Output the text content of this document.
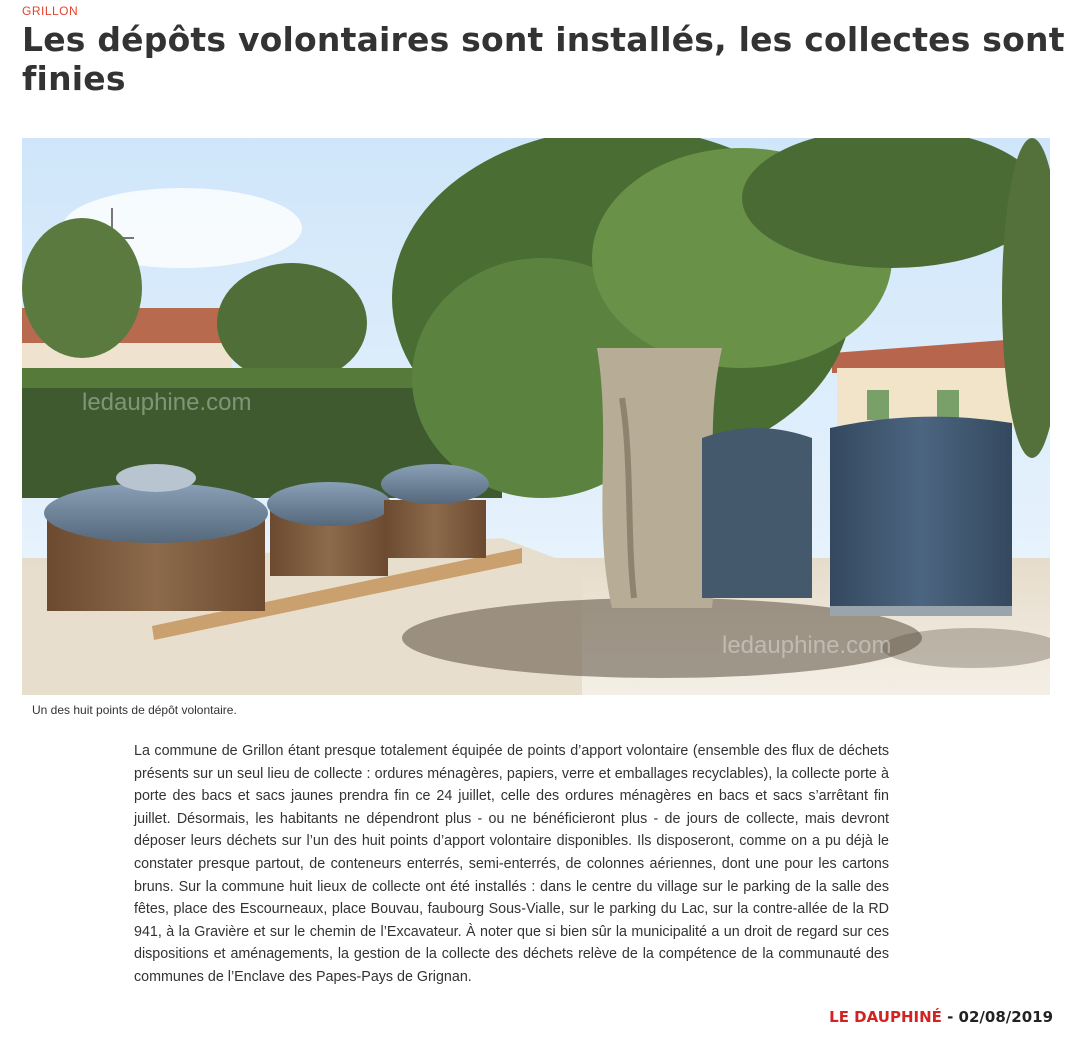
GRILLON
Les dépôts volontaires sont installés, les collectes sont finies
ledauphine.com
ledauphine.com
Un des huit points de dépôt volontaire.

La commune de Grillon étant presque totalement équipée de points d’apport volontaire (ensemble des flux de déchets présents sur un seul lieu de collecte : ordures ménagères, papiers, verre et emballages recyclables), la collecte porte à porte des bacs et sacs jaunes prendra fin ce 24 juillet, celle des ordures ménagères en bacs et sacs s’arrêtant fin juillet. Désormais, les habitants ne dépendront plus - ou ne bénéficieront plus - de jours de collecte, mais devront déposer leurs déchets sur l’un des huit points d’apport volontaire disponibles. Ils disposeront, comme on a pu déjà le constater presque partout, de conteneurs enterrés, semi-enterrés, de colonnes aériennes, dont une pour les cartons bruns. Sur la commune huit lieux de collecte ont été installés : dans le centre du village sur le parking de la salle des fêtes, place des Escourneaux, place Bouvau, faubourg Sous-Vialle, sur le parking du Lac, sur la contre-allée de la RD 941, à la Gravière et sur le chemin de l’Excavateur. À noter que si bien sûr la municipalité a un droit de regard sur ces dispositions et aménagements, la gestion de la collecte des déchets relève de la compétence de la communauté des communes de l’Enclave des Papes-Pays de Grignan.

LE DAUPHINÉ - 02/08/2019
